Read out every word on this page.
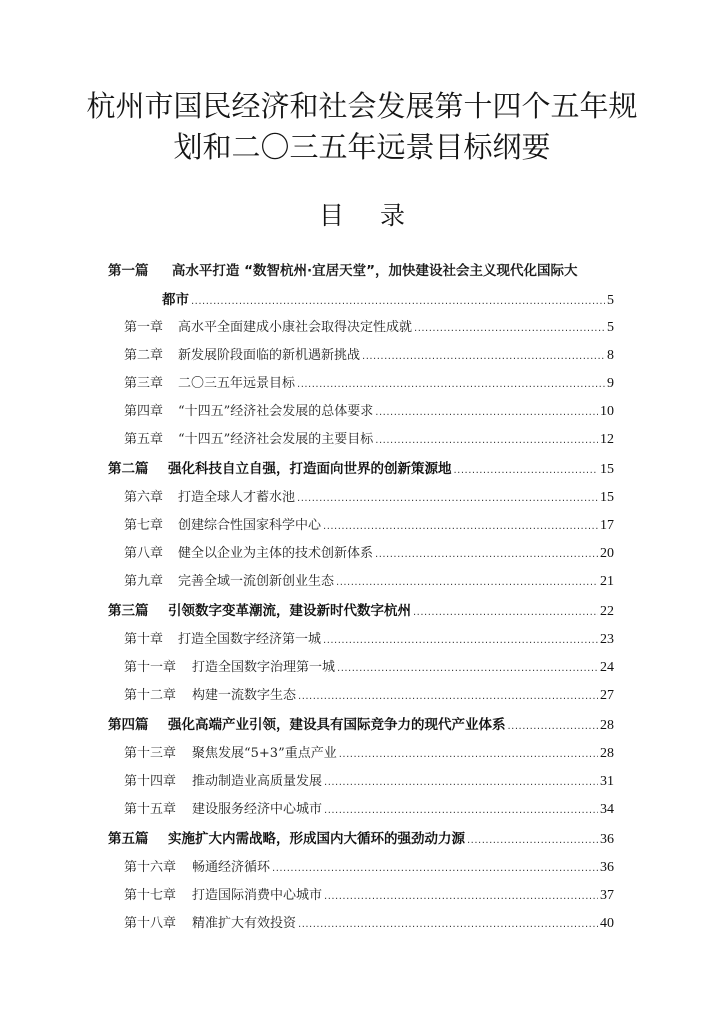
杭州市国民经济和社会发展第十四个五年规
划和二〇三五年远景目标纲要
目 录
第一篇 高水平打造 “数智杭州·宜居天堂”，加快建设社会主义现代化国际大
都市 .....	5
第一章	高水平全面建成小康社会取得决定性成就 .....	5
第二章	新发展阶段面临的新机遇新挑战 .....	8
第三章	二〇三五年远景目标 .....	9
第四章	“十四五”经济社会发展的总体要求 .....	10
第五章	“十四五”经济社会发展的主要目标 .....	12
第二篇	强化科技自立自强，打造面向世界的创新策源地 .....	15
第六章	打造全球人才蓄水池 .....	15
第七章	创建综合性国家科学中心 .....	17
第八章	健全以企业为主体的技术创新体系 .....	20
第九章	完善全域一流创新创业生态 .....	21
第三篇	引领数字变革潮流，建设新时代数字杭州 .....	22
第十章	打造全国数字经济第一城 .....	23
第十一章	打造全国数字治理第一城 .....	24
第十二章	构建一流数字生态 .....	27
第四篇	强化高端产业引领，建设具有国际竞争力的现代产业体系 .....	28
第十三章	聚焦发展“5+3”重点产业 .....	28
第十四章	推动制造业高质量发展 .....	31
第十五章	建设服务经济中心城市 .....	34
第五篇	实施扩大内需战略，形成国内大循环的强劲动力源 .....	36
第十六章	畅通经济循环 .....	36
第十七章	打造国际消费中心城市 .....	37
第十八章	精准扩大有效投资 .....	40
